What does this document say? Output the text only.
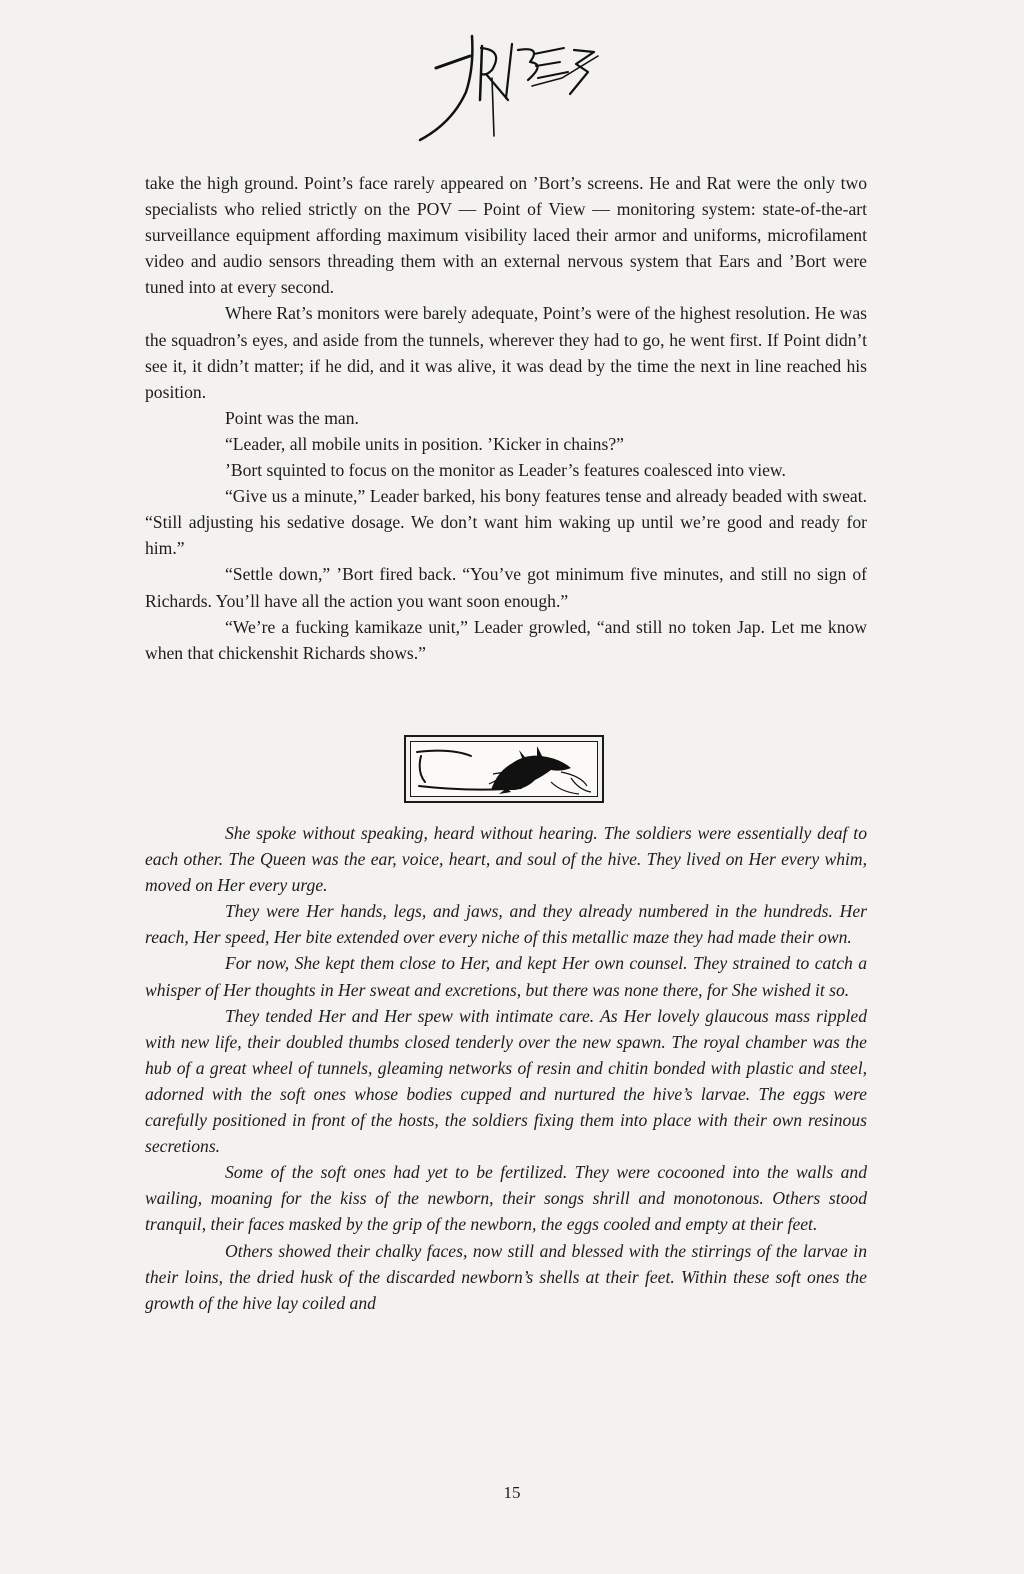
take the high ground. Point’s face rarely appeared on ’Bort’s screens. He and Rat were the only two specialists who relied strictly on the POV — Point of View — monitoring system: state-of-the-art surveillance equipment affording maximum visibility laced their armor and uniforms, microfilament video and audio sensors threading them with an external nervous system that Ears and ’Bort were tuned into at every second.

Where Rat’s monitors were barely adequate, Point’s were of the highest resolution. He was the squadron’s eyes, and aside from the tunnels, wherever they had to go, he went first. If Point didn’t see it, it didn’t matter; if he did, and it was alive, it was dead by the time the next in line reached his position.

Point was the man.

“Leader, all mobile units in position. ’Kicker in chains?”

’Bort squinted to focus on the monitor as Leader’s features coalesced into view.

“Give us a minute,” Leader barked, his bony features tense and already beaded with sweat. “Still adjusting his sedative dosage. We don’t want him waking up until we’re good and ready for him.”

“Settle down,” ’Bort fired back. “You’ve got minimum five minutes, and still no sign of Richards. You’ll have all the action you want soon enough.”

“We’re a fucking kamikaze unit,” Leader growled, “and still no token Jap. Let me know when that chickenshit Richards shows.”

She spoke without speaking, heard without hearing. The soldiers were essentially deaf to each other. The Queen was the ear, voice, heart, and soul of the hive. They lived on Her every whim, moved on Her every urge.

They were Her hands, legs, and jaws, and they already numbered in the hundreds. Her reach, Her speed, Her bite extended over every niche of this metallic maze they had made their own.

For now, She kept them close to Her, and kept Her own counsel. They strained to catch a whisper of Her thoughts in Her sweat and excretions, but there was none there, for She wished it so.

They tended Her and Her spew with intimate care. As Her lovely glaucous mass rippled with new life, their doubled thumbs closed tenderly over the new spawn. The royal chamber was the hub of a great wheel of tunnels, gleaming networks of resin and chitin bonded with plastic and steel, adorned with the soft ones whose bodies cupped and nurtured the hive’s larvae. The eggs were carefully positioned in front of the hosts, the soldiers fixing them into place with their own resinous secretions.

Some of the soft ones had yet to be fertilized. They were cocooned into the walls and wailing, moaning for the kiss of the newborn, their songs shrill and monotonous. Others stood tranquil, their faces masked by the grip of the newborn, the eggs cooled and empty at their feet.

Others showed their chalky faces, now still and blessed with the stirrings of the larvae in their loins, the dried husk of the discarded newborn’s shells at their feet. Within these soft ones the growth of the hive lay coiled and

15
